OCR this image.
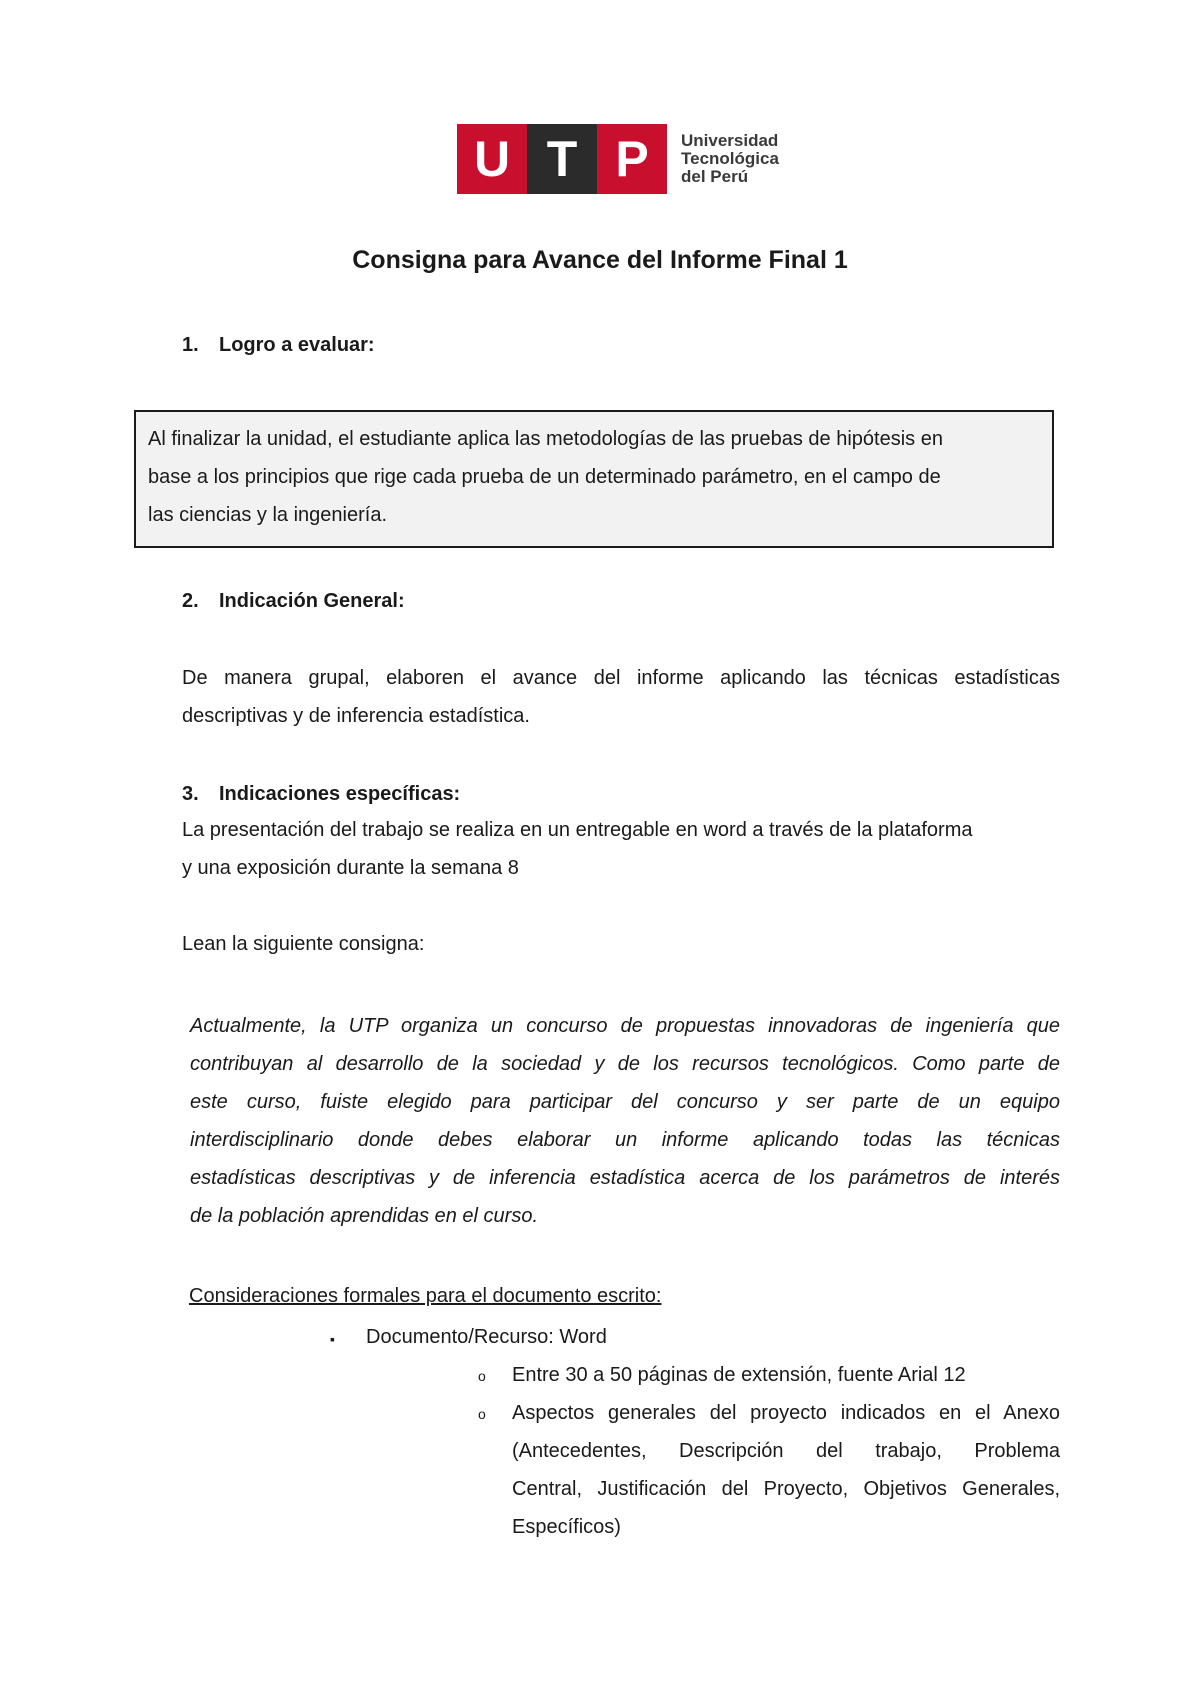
U T P	Universidad
Tecnológica
del Perú
Consigna para Avance del Informe Final 1
1. Logro a evaluar:
Al finalizar la unidad, el estudiante aplica las metodologías de las pruebas de hipótesis en
base a los principios que rige cada prueba de un determinado parámetro, en el campo de
las ciencias y la ingeniería.
2. Indicación General:
De manera grupal, elaboren el avance del informe aplicando las técnicas estadísticas
descriptivas y de inferencia estadística.
3. Indicaciones específicas:
La presentación del trabajo se realiza en un entregable en word a través de la plataforma
y una exposición durante la semana 8
Lean la siguiente consigna:
Actualmente, la UTP organiza un concurso de propuestas innovadoras de ingeniería que
contribuyan al desarrollo de la sociedad y de los recursos tecnológicos. Como parte de
este curso, fuiste elegido para participar del concurso y ser parte de un equipo
interdisciplinario donde debes elaborar un informe aplicando todas las técnicas
estadísticas descriptivas y de inferencia estadística acerca de los parámetros de interés
de la población aprendidas en el curso.
Consideraciones formales para el documento escrito:
▪ Documento/Recurso: Word
o Entre 30 a 50 páginas de extensión, fuente Arial 12
o Aspectos generales del proyecto indicados en el Anexo
(Antecedentes, Descripción del trabajo, Problema
Central, Justificación del Proyecto, Objetivos Generales,
Específicos)
